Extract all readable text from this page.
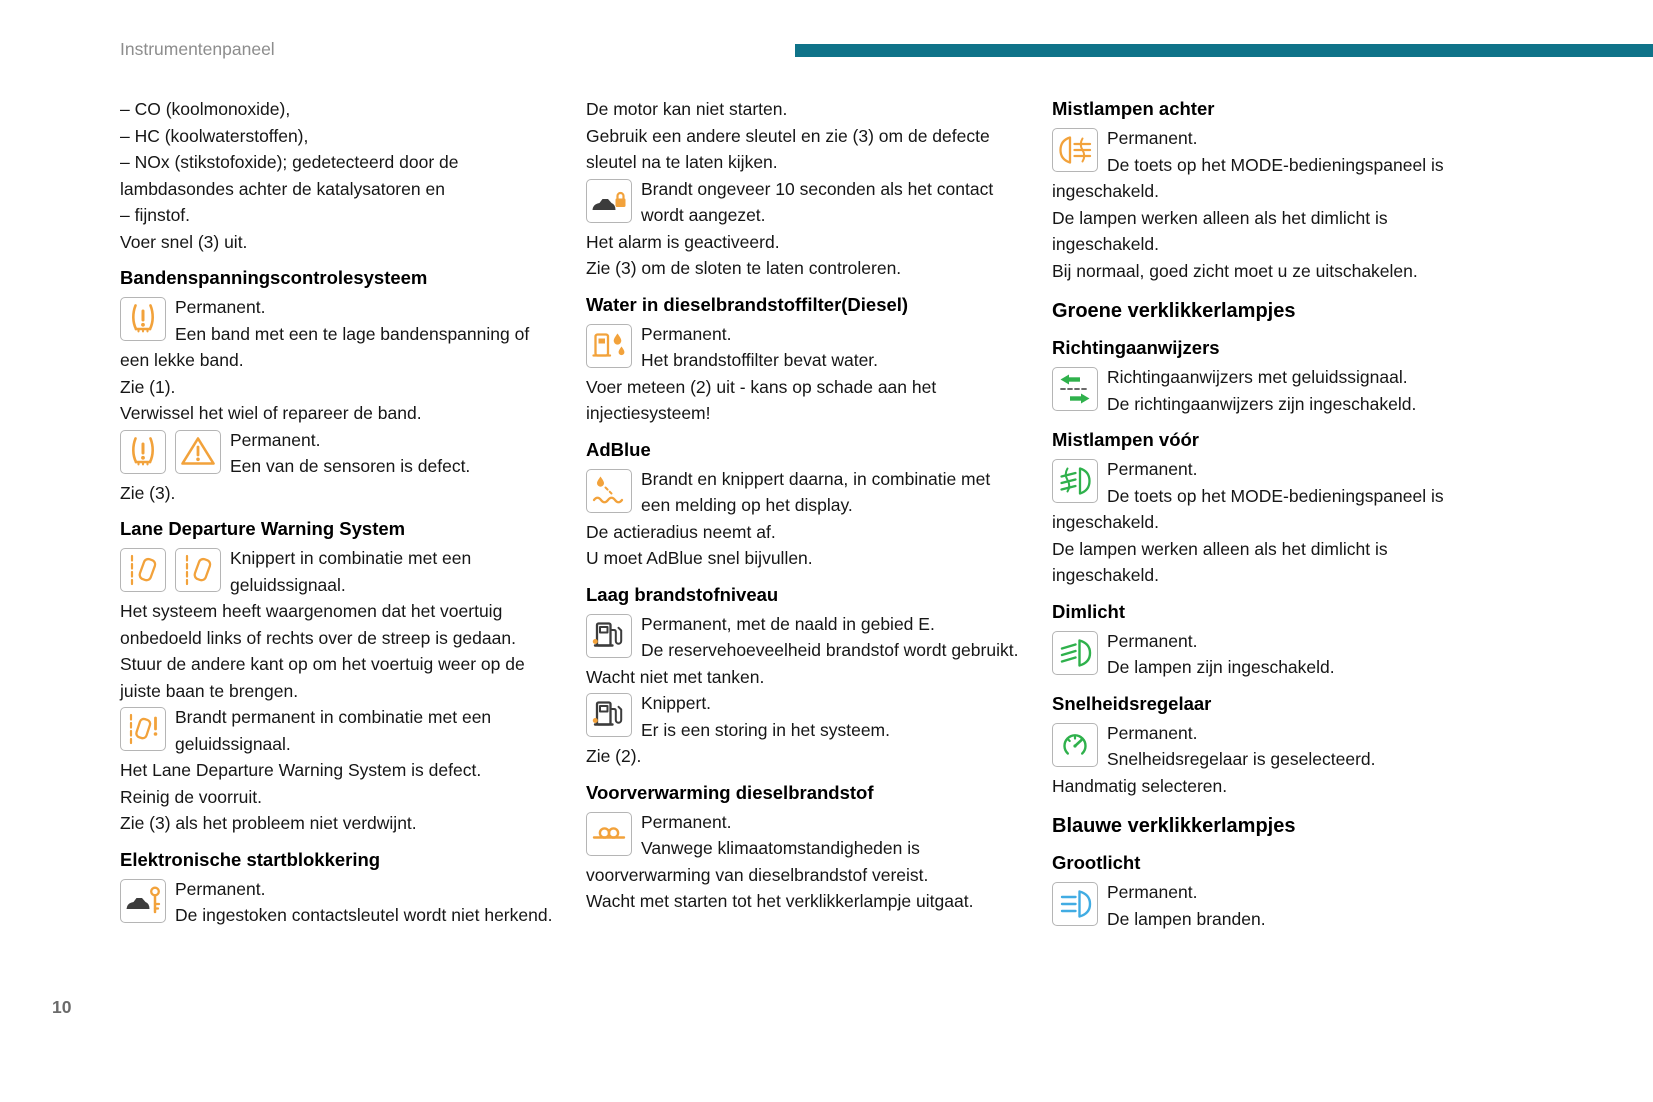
Instrumentenpaneel
– CO (koolmonoxide),
– HC (koolwaterstoffen),
– NOx (stikstofoxide); gedetecteerd door de lambdasondes achter de katalysatoren en
– fijnstof.
Voer snel (3) uit.
Bandenspanningscontrolesysteem
Permanent.
Een band met een te lage bandenspanning of een lekke band.
Zie (1).
Verwissel het wiel of repareer de band.
Permanent.
Een van de sensoren is defect.
Zie (3).
Lane Departure Warning System
Knippert in combinatie met een geluidssignaal.
Het systeem heeft waargenomen dat het voertuig onbedoeld links of rechts over de streep is gedaan.
Stuur de andere kant op om het voertuig weer op de juiste baan te brengen.
Brandt permanent in combinatie met een geluidssignaal.
Het Lane Departure Warning System is defect.
Reinig de voorruit.
Zie (3) als het probleem niet verdwijnt.
Elektronische startblokkering
Permanent.
De ingestoken contactsleutel wordt niet herkend.
De motor kan niet starten.
Gebruik een andere sleutel en zie (3) om de defecte sleutel na te laten kijken.
Brandt ongeveer 10 seconden als het contact wordt aangezet.
Het alarm is geactiveerd.
Zie (3) om de sloten te laten controleren.
Water in dieselbrandstoffilter(Diesel)
Permanent.
Het brandstoffilter bevat water.
Voer meteen (2) uit - kans op schade aan het injectiesysteem!
AdBlue
Brandt en knippert daarna, in combinatie met een melding op het display.
De actieradius neemt af.
U moet AdBlue snel bijvullen.
Laag brandstofniveau
Permanent, met de naald in gebied E.
De reservehoeveelheid brandstof wordt gebruikt.
Wacht niet met tanken.
Knippert.
Er is een storing in het systeem.
Zie (2).
Voorverwarming dieselbrandstof
Permanent.
Vanwege klimaatomstandigheden is voorverwarming van dieselbrandstof vereist.
Wacht met starten tot het verklikkerlampje uitgaat.
Mistlampen achter
Permanent.
De toets op het MODE-bedieningspaneel is ingeschakeld.
De lampen werken alleen als het dimlicht is ingeschakeld.
Bij normaal, goed zicht moet u ze uitschakelen.
Groene verklikkerlampjes
Richtingaanwijzers
Richtingaanwijzers met geluidssignaal.
De richtingaanwijzers zijn ingeschakeld.
Mistlampen vóór
Permanent.
De toets op het MODE-bedieningspaneel is ingeschakeld.
De lampen werken alleen als het dimlicht is ingeschakeld.
Dimlicht
Permanent.
De lampen zijn ingeschakeld.
Snelheidsregelaar
Permanent.
Snelheidsregelaar is geselecteerd.
Handmatig selecteren.
Blauwe verklikkerlampjes
Grootlicht
Permanent.
De lampen branden.
10
